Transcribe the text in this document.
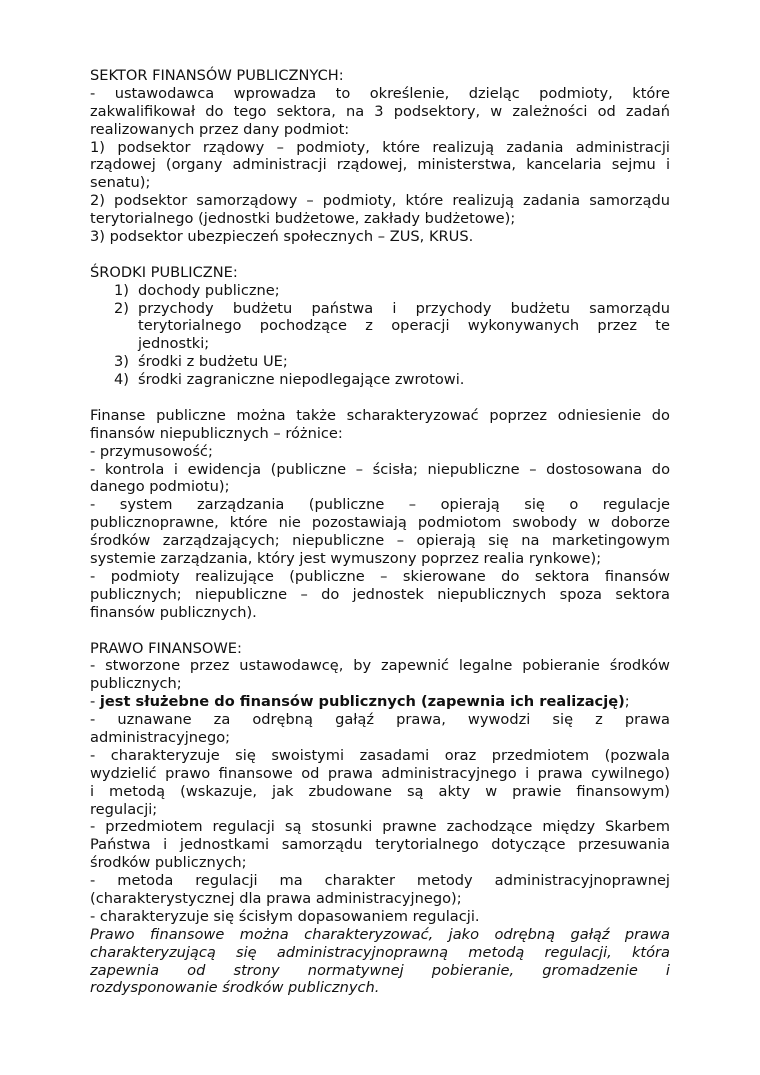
SEKTOR FINANSÓW PUBLICZNYCH:
- ustawodawca wprowadza to określenie, dzieląc podmioty, które
zakwalifikował do tego sektora, na 3 podsektory, w zależności od zadań
realizowanych przez dany podmiot:
1) podsektor rządowy – podmioty, które realizują zadania administracji
rządowej (organy administracji rządowej, ministerstwa, kancelaria sejmu i
senatu);
2) podsektor samorządowy – podmioty, które realizują zadania samorządu
terytorialnego (jednostki budżetowe, zakłady budżetowe);
3) podsektor ubezpieczeń społecznych – ZUS, KRUS.
ŚRODKI PUBLICZNE:
1) dochody publiczne;
2) przychody budżetu państwa i przychody budżetu samorządu
terytorialnego pochodzące z operacji wykonywanych przez te
jednostki;
3) środki z budżetu UE;
4) środki zagraniczne niepodlegające zwrotowi.
Finanse publiczne można także scharakteryzować poprzez odniesienie do
finansów niepublicznych – różnice:
- przymusowość;
- kontrola i ewidencja (publiczne – ścisła; niepubliczne – dostosowana do
danego podmiotu);
- system zarządzania (publiczne – opierają się o regulacje
publicznoprawne, które nie pozostawiają podmiotom swobody w doborze
środków zarządzających; niepubliczne – opierają się na marketingowym
systemie zarządzania, który jest wymuszony poprzez realia rynkowe);
- podmioty realizujące (publiczne – skierowane do sektora finansów
publicznych; niepubliczne – do jednostek niepublicznych spoza sektora
finansów publicznych).
PRAWO FINANSOWE:
- stworzone przez ustawodawcę, by zapewnić legalne pobieranie środków
publicznych;
- jest służebne do finansów publicznych (zapewnia ich realizację);
- uznawane za odrębną gałąź prawa, wywodzi się z prawa
administracyjnego;
- charakteryzuje się swoistymi zasadami oraz przedmiotem (pozwala
wydzielić prawo finansowe od prawa administracyjnego i prawa cywilnego)
i metodą (wskazuje, jak zbudowane są akty w prawie finansowym)
regulacji;
- przedmiotem regulacji są stosunki prawne zachodzące między Skarbem
Państwa i jednostkami samorządu terytorialnego dotyczące przesuwania
środków publicznych;
- metoda regulacji ma charakter metody administracyjnoprawnej
(charakterystycznej dla prawa administracyjnego);
- charakteryzuje się ścisłym dopasowaniem regulacji.
Prawo finansowe można charakteryzować, jako odrębną gałąź prawa
charakteryzującą się administracyjnoprawną metodą regulacji, która
zapewnia od strony normatywnej pobieranie, gromadzenie i
rozdysponowanie środków publicznych.
